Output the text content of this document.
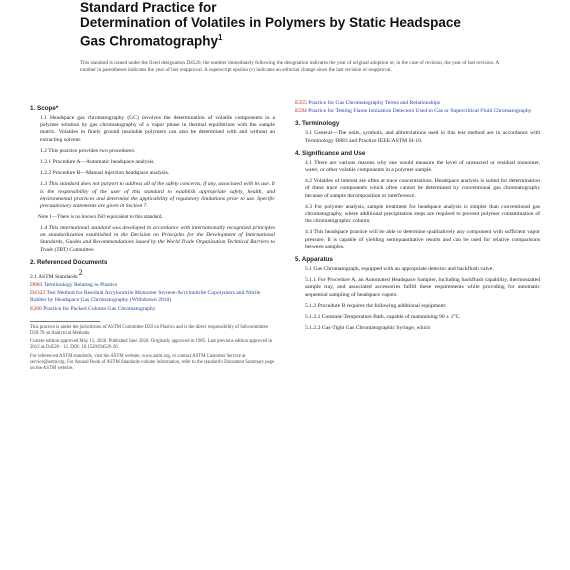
Standard Practice for
Determination of Volatiles in Polymers by Static Headspace
Gas Chromatography$^1$
This standard is issued under the fixed designation D4526; the number immediately following the designation indicates the year of original adoption or, in the case of revision, the year of last revision. A number in parentheses indicates the year of last reapproval. A superscript epsilon (ε) indicates an editorial change since the last revision or reapproval.
1. Scope*

1.1 Headspace gas chromatography (GC) involves the determination of volatile components in a polymer solution by gas chromatography of a vapor phase in thermal equilibrium with the sample matrix. Volatiles in finely ground insoluble polymers can also be determined with and without an extracting solvent.

1.2 This practice provides two procedures:

1.2.1 Procedure A—Automatic headspace analysis.

1.2.2 Procedure B—Manual injection headspace analysis.

1.3 This standard does not purport to address all of the safety concerns, if any, associated with its use. It is the responsibility of the user of this standard to establish appropriate safety, health, and environmental practices and determine the applicability of regulatory limitations prior to use. Specific precautionary statements are given in Section 7.

Note 1—There is no known ISO equivalent to this standard.

1.4 This international standard was developed in accordance with internationally recognized principles on standardization established in the Decision on Principles for the Development of International Standards, Guides and Recommendations issued by the World Trade Organization Technical Barriers to Trade (TBT) Committee.

2. Referenced Documents
2.1 ASTM Standards:2
D883 Terminology Relating to Plastics
D4322 Test Method for Residual Acrylonitrile Monomer Styrene-Acrylonitrile Copolymers and Nitrile Rubber by Headspace Gas Chromatography (Withdrawn 2010)
E260 Practice for Packed Column Gas Chromatography
This practice is under the jurisdiction of ASTM Committee D20 on Plastics and is the direct responsibility of Subcommittee D20.70 on Analytical Methods.
Current edition approved May 15, 2020. Published June 2020. Originally approved in 1985. Last previous edition approved in 2012 as D4526 - 12. DOI: 10.1520/D4526-20.
For referenced ASTM standards, visit the ASTM website, www.astm.org, or contact ASTM Customer Service at service@astm.org. For Annual Book of ASTM Standards volume information, refer to the standard's Document Summary page on the ASTM website.
E355 Practice for Gas Chromatography Terms and Relationships
E594 Practice for Testing Flame Ionization Detectors Used in Gas or Supercritical Fluid Chromatography
3. Terminology

3.1 General—The units, symbols, and abbreviations used in this test method are in accordance with Terminology D883 and Practice IEEE/ASTM SI-10.

4. Significance and Use

4.1 There are various reasons why one would measure the level of unreacted or residual monomer, water, or other volatile components in a polymer sample.

4.2 Volatiles of interest are often at trace concentrations. Headspace analysis is suited for determination of these trace components which often cannot be determined by conventional gas chromatography because of sample decomposition or interference.

4.3 For polymer analysis, sample treatment for headspace analysis is simpler than conventional gas chromatography, where additional precipitation steps are required to prevent polymer contamination of the chromatographic column.

4.4 This headspace practice will be able to determine qualitatively any component with sufficient vapor pressure. It is capable of yielding semiquantitative results and can be used for relative comparisons between samples.

5. Apparatus

5.1 Gas Chromatograph, equipped with an appropriate detector and backflush valve.

5.1.1 For Procedure A, an Automated Headspace Sampler, including backflush capability, thermostatted sample tray, and associated accessories fulfill these requirements while providing for automatic sequential sampling of headspace vapors.

5.1.2 Procedure B requires the following additional equipment:

5.1.2.1 Constant-Temperature Bath, capable of maintaining 90 ± 1°C.

5.1.2.2 Gas-Tight Gas Chromatographic Syringe, which
